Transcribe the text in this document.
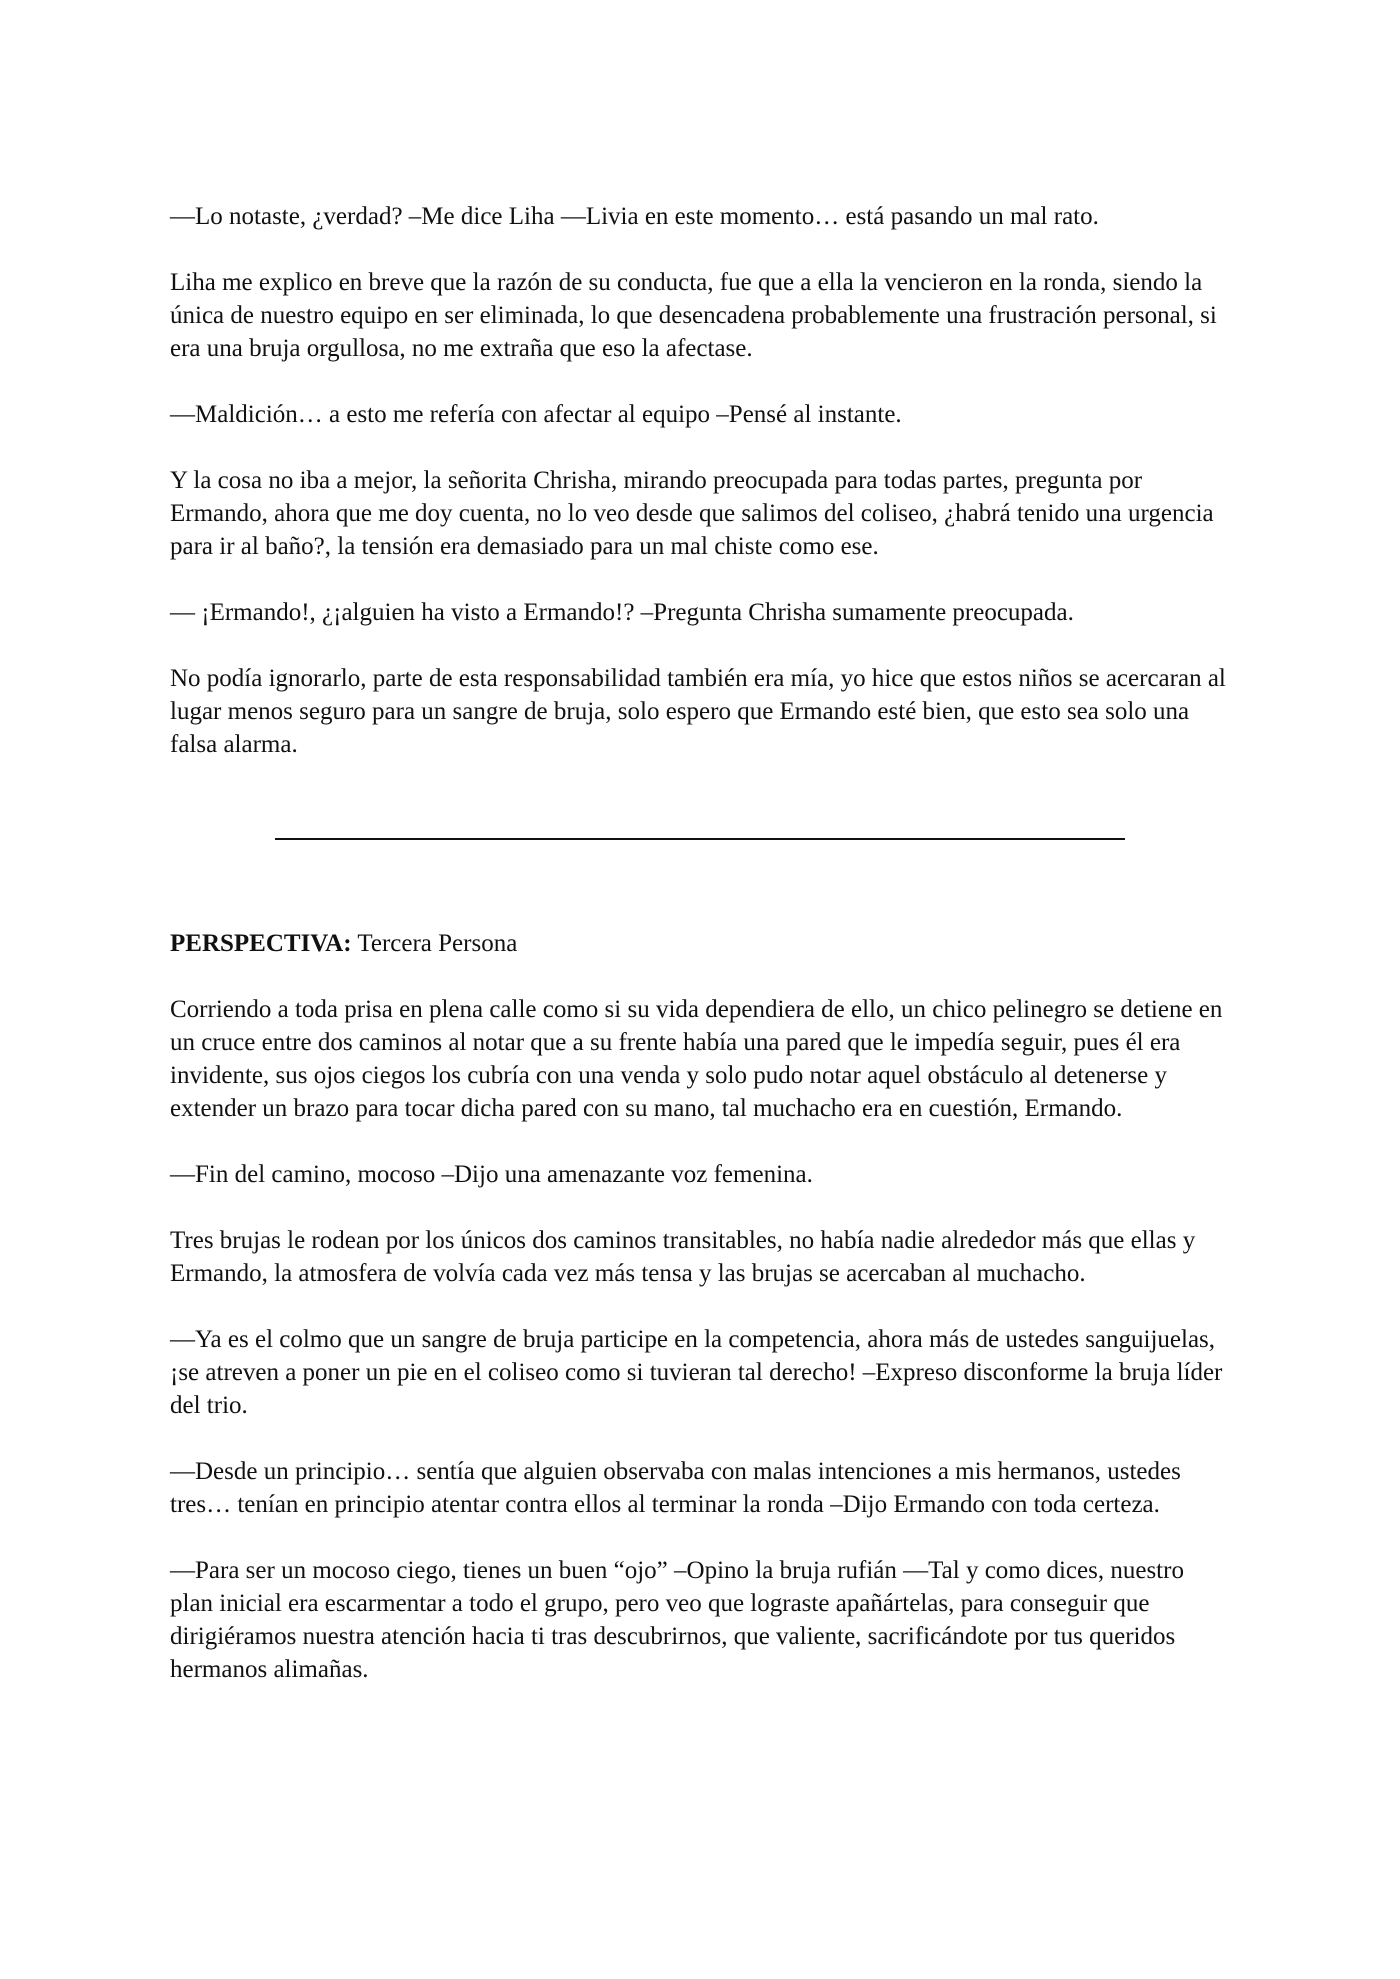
—Lo notaste, ¿verdad? –Me dice Liha —Livia en este momento… está pasando un mal rato.

Liha me explico en breve que la razón de su conducta, fue que a ella la vencieron en la ronda, siendo la única de nuestro equipo en ser eliminada, lo que desencadena probablemente una frustración personal, si era una bruja orgullosa, no me extraña que eso la afectase.

—Maldición… a esto me refería con afectar al equipo –Pensé al instante.

Y la cosa no iba a mejor, la señorita Chrisha, mirando preocupada para todas partes, pregunta por Ermando, ahora que me doy cuenta, no lo veo desde que salimos del coliseo, ¿habrá tenido una urgencia para ir al baño?, la tensión era demasiado para un mal chiste como ese.

— ¡Ermando!, ¿¡alguien ha visto a Ermando!? –Pregunta Chrisha sumamente preocupada.

No podía ignorarlo, parte de esta responsabilidad también era mía, yo hice que estos niños se acercaran al lugar menos seguro para un sangre de bruja, solo espero que Ermando esté bien, que esto sea solo una falsa alarma.

PERSPECTIVA: Tercera Persona

Corriendo a toda prisa en plena calle como si su vida dependiera de ello, un chico pelinegro se detiene en un cruce entre dos caminos al notar que a su frente había una pared que le impedía seguir, pues él era invidente, sus ojos ciegos los cubría con una venda y solo pudo notar aquel obstáculo al detenerse y extender un brazo para tocar dicha pared con su mano, tal muchacho era en cuestión, Ermando.

—Fin del camino, mocoso –Dijo una amenazante voz femenina.

Tres brujas le rodean por los únicos dos caminos transitables, no había nadie alrededor más que ellas y Ermando, la atmosfera de volvía cada vez más tensa y las brujas se acercaban al muchacho.

—Ya es el colmo que un sangre de bruja participe en la competencia, ahora más de ustedes sanguijuelas, ¡se atreven a poner un pie en el coliseo como si tuvieran tal derecho! –Expreso disconforme la bruja líder del trio.

—Desde un principio… sentía que alguien observaba con malas intenciones a mis hermanos, ustedes tres… tenían en principio atentar contra ellos al terminar la ronda –Dijo Ermando con toda certeza.

—Para ser un mocoso ciego, tienes un buen “ojo” –Opino la bruja rufián —Tal y como dices, nuestro plan inicial era escarmentar a todo el grupo, pero veo que lograste apañártelas, para conseguir que dirigiéramos nuestra atención hacia ti tras descubrirnos, que valiente, sacrificándote por tus queridos hermanos alimañas.
